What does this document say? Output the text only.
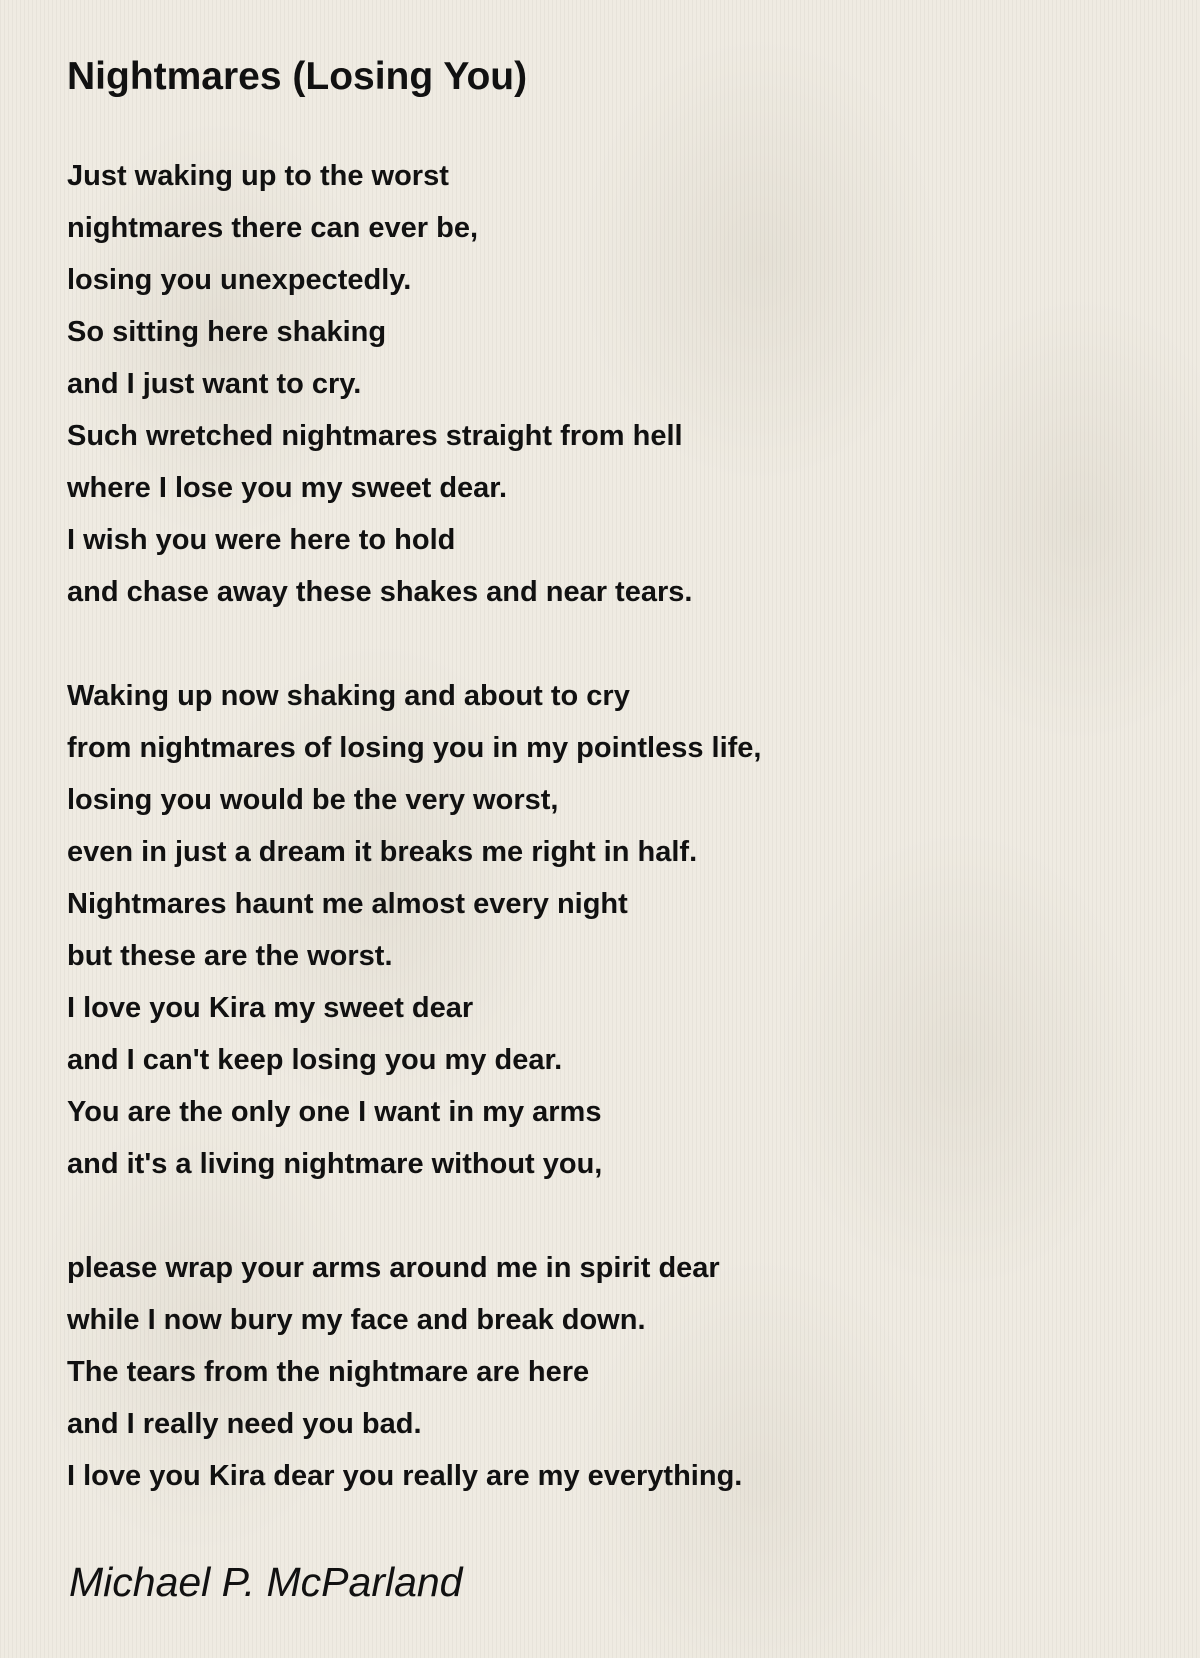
Nightmares (Losing You)
Just waking up to the worst
nightmares there can ever be,
losing you unexpectedly.
So sitting here shaking
and I just want to cry.
Such wretched nightmares straight from hell
where I lose you my sweet dear.
I wish you were here to hold
and chase away these shakes and near tears.
Waking up now shaking and about to cry
from nightmares of losing you in my pointless life,
losing you would be the very worst,
even in just a dream it breaks me right in half.
Nightmares haunt me almost every night
but these are the worst.
I love you Kira my sweet dear
and I can't keep losing you my dear.
You are the only one I want in my arms
and it's a living nightmare without you,
please wrap your arms around me in spirit dear
while I now bury my face and break down.
The tears from the nightmare are here
and I really need you bad.
I love you Kira dear you really are my everything.

Michael P. McParland
